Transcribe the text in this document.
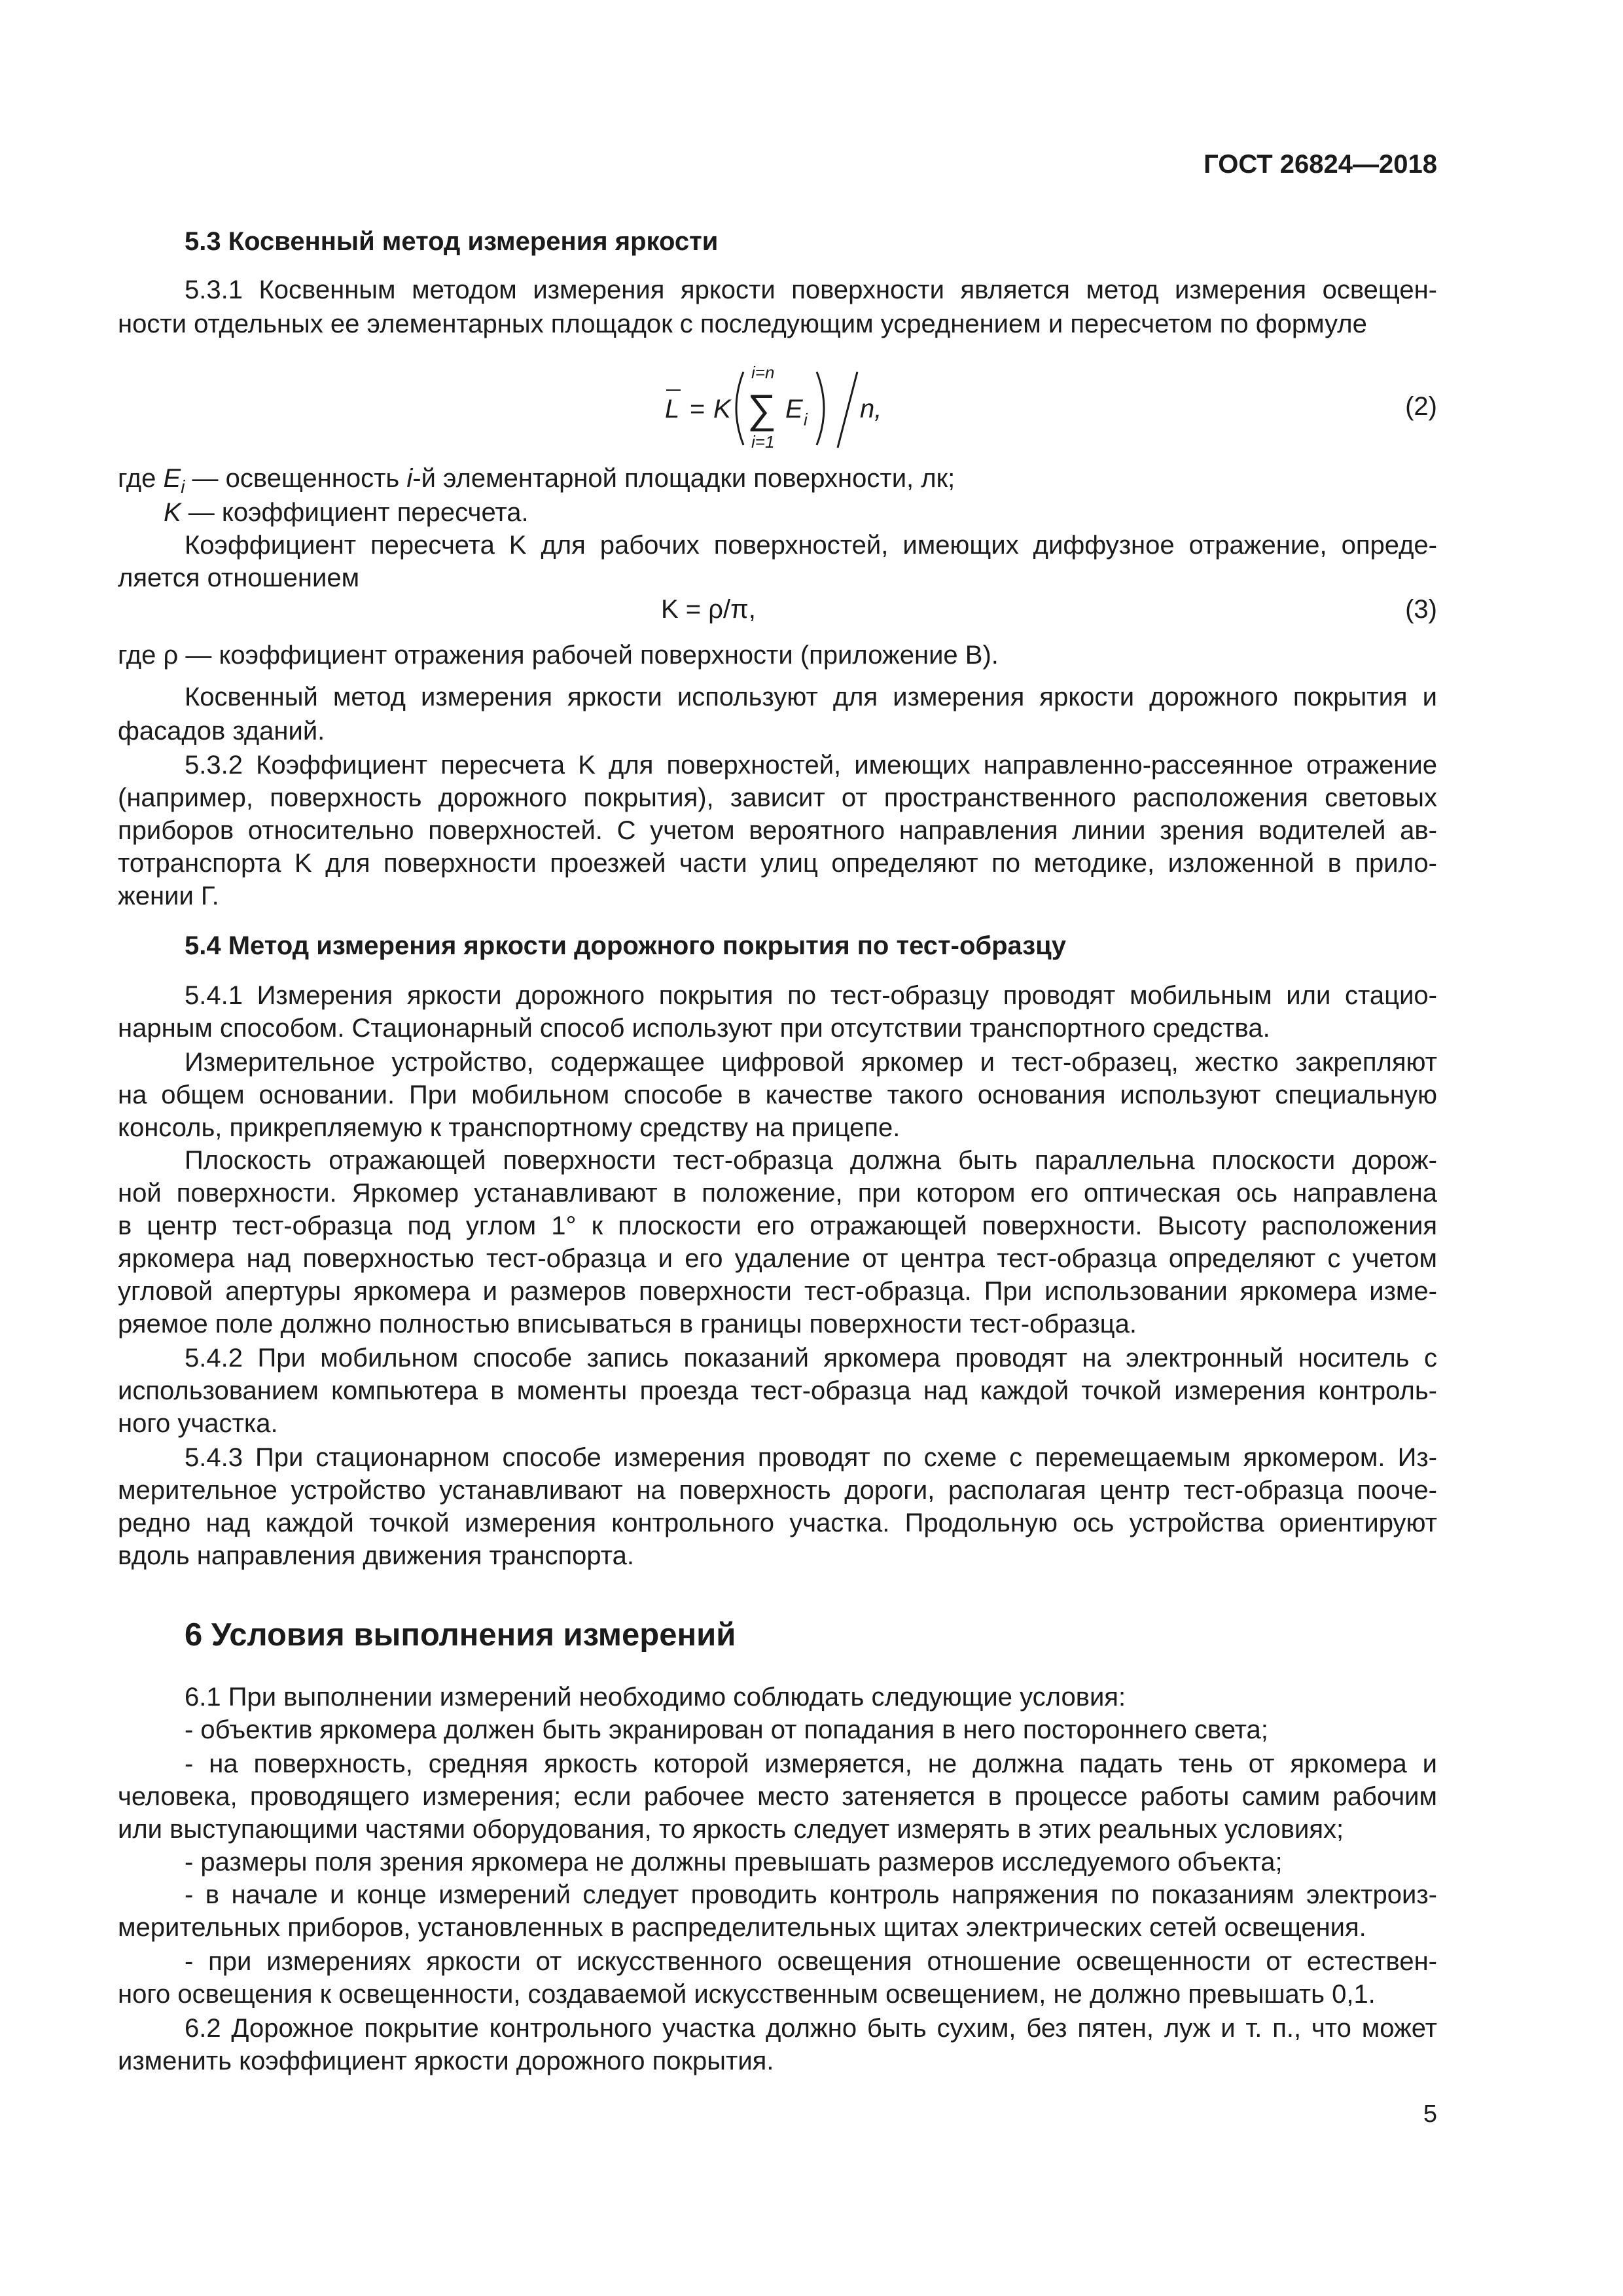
ГОСТ 26824—2018
5.3 Косвенный метод измерения яркости
5.3.1 Косвенным методом измерения яркости поверхности является метод измерения освещен-
ности отдельных ее элементарных площадок с последующим усреднением и пересчетом по формуле
L = K
i=n
∑
i=1
E i n,	(2)
где $E_i$ — освещенность i-й элементарной площадки поверхности, лк;
K — коэффициент пересчета.
Коэффициент пересчета K для рабочих поверхностей, имеющих диффузное отражение, опреде-
ляется отношением
K = ρ/π,	(3)
где ρ — коэффициент отражения рабочей поверхности (приложение В).
Косвенный метод измерения яркости используют для измерения яркости дорожного покрытия и
фасадов зданий.
5.3.2 Коэффициент пересчета K для поверхностей, имеющих направленно-рассеянное отражение
(например, поверхность дорожного покрытия), зависит от пространственного расположения световых
приборов относительно поверхностей. С учетом вероятного направления линии зрения водителей ав-
тотранспорта K для поверхности проезжей части улиц определяют по методике, изложенной в прило-
жении Г.
5.4 Метод измерения яркости дорожного покрытия по тест-образцу
5.4.1 Измерения яркости дорожного покрытия по тест-образцу проводят мобильным или стацио-
нарным способом. Стационарный способ используют при отсутствии транспортного средства.
Измерительное устройство, содержащее цифровой яркомер и тест-образец, жестко закрепляют
на общем основании. При мобильном способе в качестве такого основания используют специальную
консоль, прикрепляемую к транспортному средству на прицепе.
Плоскость отражающей поверхности тест-образца должна быть параллельна плоскости дорож-
ной поверхности. Яркомер устанавливают в положение, при котором его оптическая ось направлена
в центр тест-образца под углом 1° к плоскости его отражающей поверхности. Высоту расположения
яркомера над поверхностью тест-образца и его удаление от центра тест-образца определяют с учетом
угловой апертуры яркомера и размеров поверхности тест-образца. При использовании яркомера изме-
ряемое поле должно полностью вписываться в границы поверхности тест-образца.
5.4.2 При мобильном способе запись показаний яркомера проводят на электронный носитель с
использованием компьютера в моменты проезда тест-образца над каждой точкой измерения контроль-
ного участка.
5.4.3 При стационарном способе измерения проводят по схеме с перемещаемым яркомером. Из-
мерительное устройство устанавливают на поверхность дороги, располагая центр тест-образца поoче-
редно над каждой точкой измерения контрольного участка. Продольную ось устройства ориентируют
вдоль направления движения транспорта.
6 Условия выполнения измерений
6.1 При выполнении измерений необходимо соблюдать следующие условия:
- объектив яркомера должен быть экранирован от попадания в него постороннего света;
- на поверхность, средняя яркость которой измеряется, не должна падать тень от яркомера и
человека, проводящего измерения; если рабочее место затеняется в процессе работы самим рабочим
или выступающими частями оборудования, то яркость следует измерять в этих реальных условиях;
- размеры поля зрения яркомера не должны превышать размеров исследуемого объекта;
- в начале и конце измерений следует проводить контроль напряжения по показаниям электроиз-
мерительных приборов, установленных в распределительных щитах электрических сетей освещения.
- при измерениях яркости от искусственного освещения отношение освещенности от естествен-
ного освещения к освещенности, создаваемой искусственным освещением, не должно превышать 0,1.
6.2 Дорожное покрытие контрольного участка должно быть сухим, без пятен, луж и т. п., что может
изменить коэффициент яркости дорожного покрытия.
5
